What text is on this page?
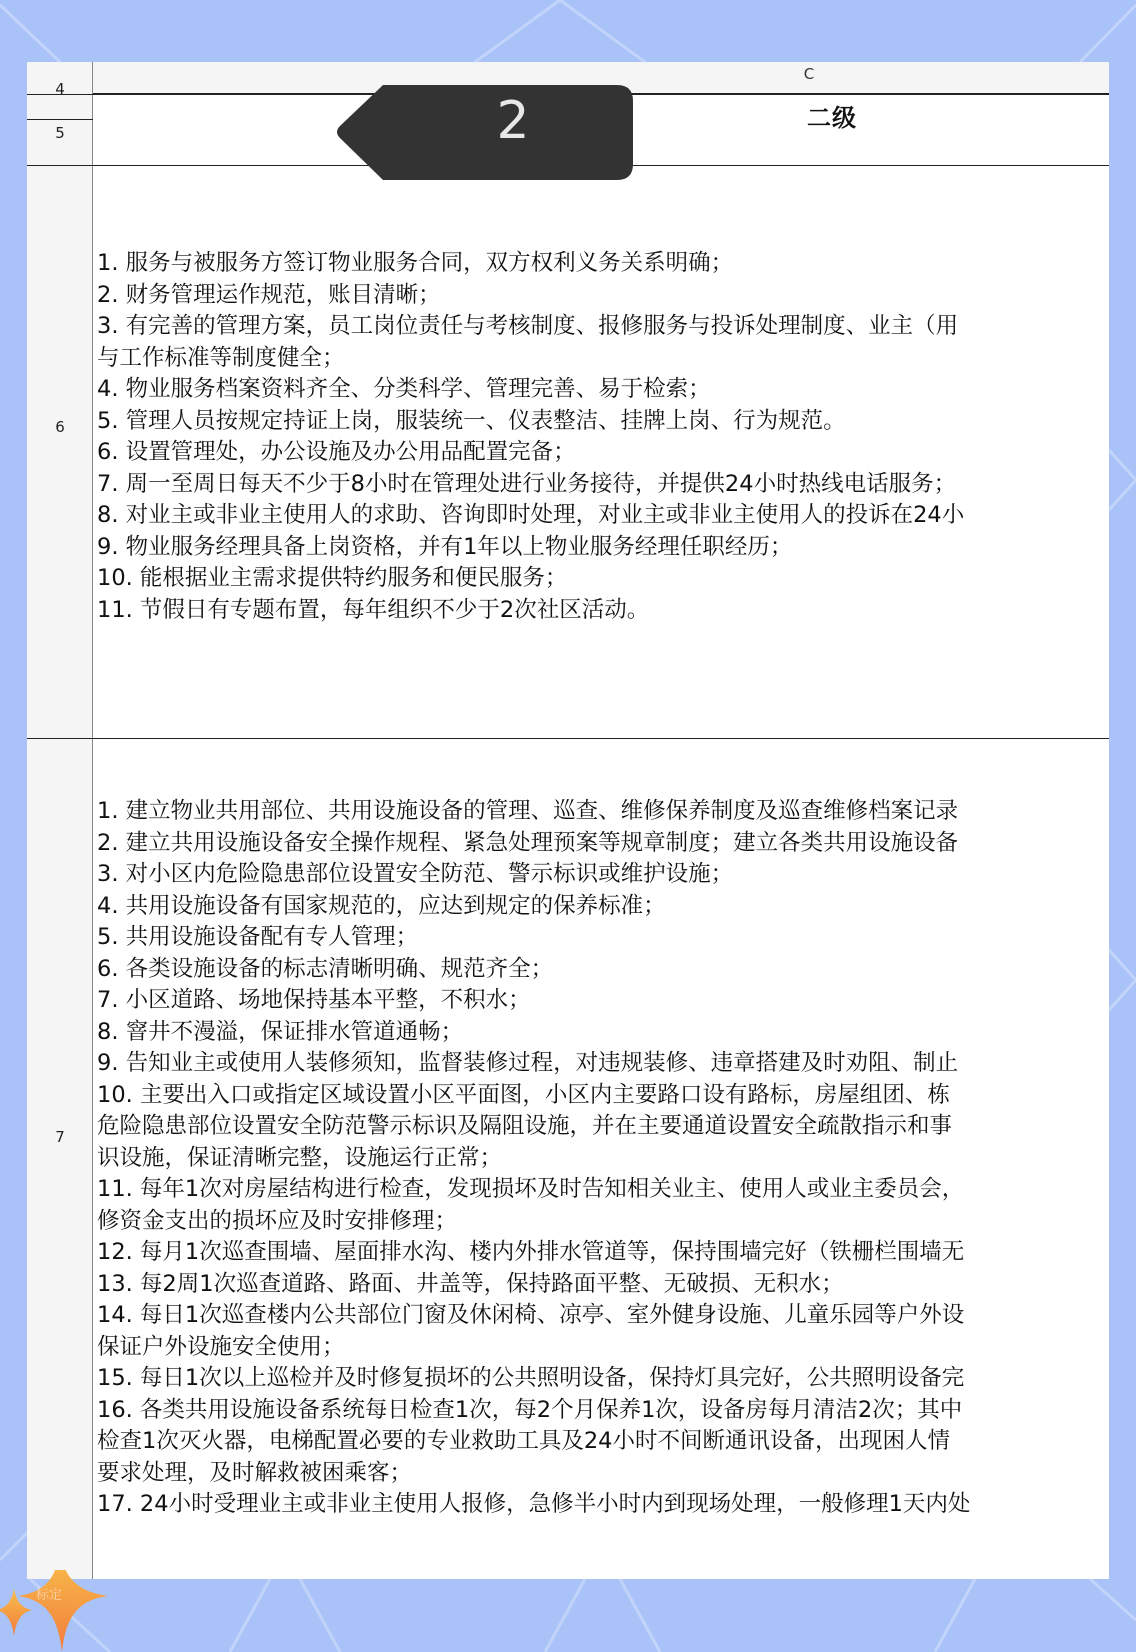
C
4
5
二级
6
1. 服务与被服务方签订物业服务合同，双方权利义务关系明确；
2. 财务管理运作规范，账目清晰；
3. 有完善的管理方案，员工岗位责任与考核制度、报修服务与投诉处理制度、业主（用
与工作标准等制度健全；
4. 物业服务档案资料齐全、分类科学、管理完善、易于检索；
5. 管理人员按规定持证上岗，服装统一、仪表整洁、挂牌上岗、行为规范。
6. 设置管理处，办公设施及办公用品配置完备；
7. 周一至周日每天不少于8小时在管理处进行业务接待，并提供24小时热线电话服务；
8. 对业主或非业主使用人的求助、咨询即时处理，对业主或非业主使用人的投诉在24小
9. 物业服务经理具备上岗资格，并有1年以上物业服务经理任职经历；
10. 能根据业主需求提供特约服务和便民服务；
11. 节假日有专题布置，每年组织不少于2次社区活动。
7
1. 建立物业共用部位、共用设施设备的管理、巡查、维修保养制度及巡查维修档案记录
2. 建立共用设施设备安全操作规程、紧急处理预案等规章制度；建立各类共用设施设备
3. 对小区内危险隐患部位设置安全防范、警示标识或维护设施；
4. 共用设施设备有国家规范的，应达到规定的保养标准；
5. 共用设施设备配有专人管理；
6. 各类设施设备的标志清晰明确、规范齐全；
7. 小区道路、场地保持基本平整，不积水；
8. 窨井不漫溢，保证排水管道通畅；
9. 告知业主或使用人装修须知，监督装修过程，对违规装修、违章搭建及时劝阻、制止
10. 主要出入口或指定区域设置小区平面图，小区内主要路口设有路标，房屋组团、栋
危险隐患部位设置安全防范警示标识及隔阻设施，并在主要通道设置安全疏散指示和事
识设施，保证清晰完整，设施运行正常；
11. 每年1次对房屋结构进行检查，发现损坏及时告知相关业主、使用人或业主委员会，
修资金支出的损坏应及时安排修理；
12. 每月1次巡查围墙、屋面排水沟、楼内外排水管道等，保持围墙完好（铁栅栏围墙无
13. 每2周1次巡查道路、路面、井盖等，保持路面平整、无破损、无积水；
14. 每日1次巡查楼内公共部位门窗及休闲椅、凉亭、室外健身设施、儿童乐园等户外设
保证户外设施安全使用；
15. 每日1次以上巡检并及时修复损坏的公共照明设备，保持灯具完好，公共照明设备完
16. 各类共用设施设备系统每日检查1次，每2个月保养1次，设备房每月清洁2次；其中
检查1次灭火器，电梯配置必要的专业救助工具及24小时不间断通讯设备，出现困人情
要求处理，及时解救被困乘客；
17. 24小时受理业主或非业主使用人报修，急修半小时内到现场处理，一般修理1天内处
2
标定
